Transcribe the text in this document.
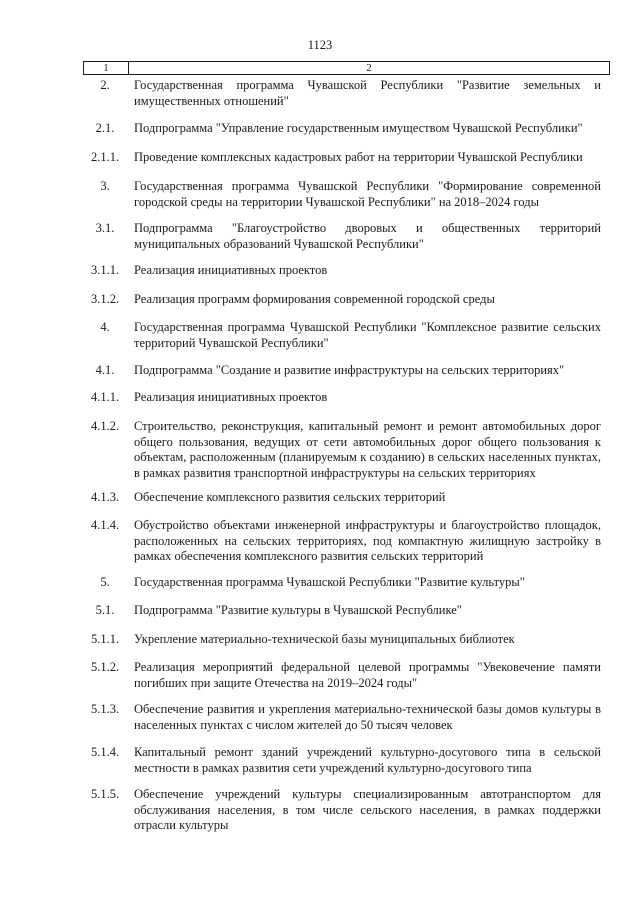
1123
1	2
2.	Государственная программа Чувашской Республики "Развитие земельных и имущественных отношений"
2.1.	Подпрограмма "Управление государственным имуществом Чувашской Республики"
2.1.1.	Проведение комплексных кадастровых работ на территории Чувашской Республики
3.	Государственная программа Чувашской Республики "Формирование современной городской среды на территории Чувашской Республики" на 2018–2024 годы
3.1.	Подпрограмма "Благоустройство дворовых и общественных территорий муниципальных образований Чувашской Республики"
3.1.1.	Реализация инициативных проектов
3.1.2.	Реализация программ формирования современной городской среды
4.	Государственная программа Чувашской Республики "Комплексное развитие сельских территорий Чувашской Республики"
4.1.	Подпрограмма "Создание и развитие инфраструктуры на сельских территориях"
4.1.1.	Реализация инициативных проектов
4.1.2.	Строительство, реконструкция, капитальный ремонт и ремонт автомобильных дорог общего пользования, ведущих от сети автомобильных дорог общего пользования к объектам, расположенным (планируемым к созданию) в сельских населенных пунктах, в рамках развития транспортной инфраструктуры на сельских территориях
4.1.3.	Обеспечение комплексного развития сельских территорий
4.1.4.	Обустройство объектами инженерной инфраструктуры и благоустройство площадок, расположенных на сельских территориях, под компактную жилищную застройку в рамках обеспечения комплексного развития сельских территорий
5.	Государственная программа Чувашской Республики "Развитие культуры"
5.1.	Подпрограмма "Развитие культуры в Чувашской Республике"
5.1.1.	Укрепление материально-технической базы муниципальных библиотек
5.1.2.	Реализация мероприятий федеральной целевой программы "Увековечение памяти погибших при защите Отечества на 2019–2024 годы"
5.1.3.	Обеспечение развития и укрепления материально-технической базы домов культуры в населенных пунктах с числом жителей до 50 тысяч человек
5.1.4.	Капитальный ремонт зданий учреждений культурно-досугового типа в сельской местности в рамках развития сети учреждений культурно-досугового типа
5.1.5.	Обеспечение учреждений культуры специализированным автотранспортом для обслуживания населения, в том числе сельского населения, в рамках поддержки отрасли культуры
